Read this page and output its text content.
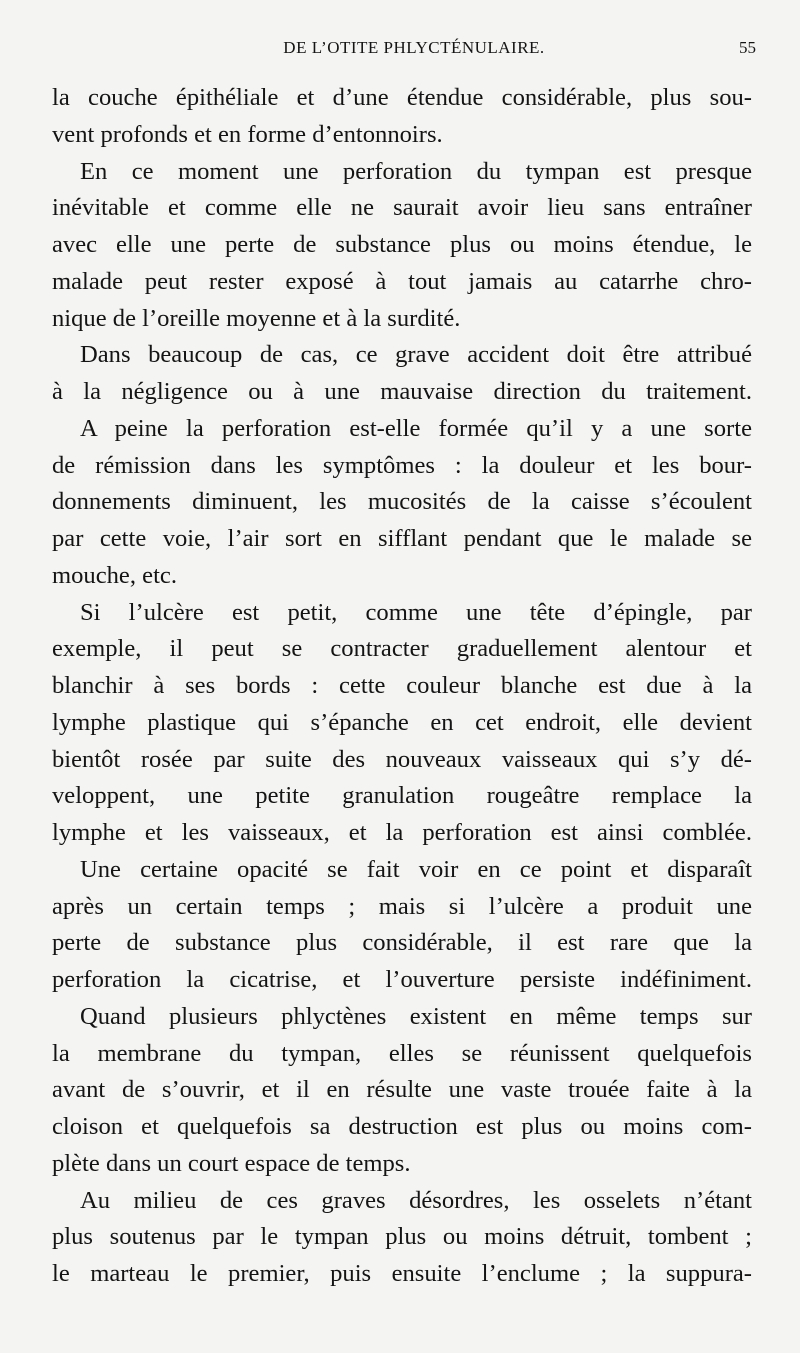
DE L’OTITE PHLYCTÉNULAIRE.	55
la couche épithéliale et d’une étendue considérable, plus sou-
vent profonds et en forme d’entonnoirs.
En ce moment une perforation du tympan est presque
inévitable et comme elle ne saurait avoir lieu sans entraîner
avec elle une perte de substance plus ou moins étendue, le
malade peut rester exposé à tout jamais au catarrhe chro-
nique de l’oreille moyenne et à la surdité.
Dans beaucoup de cas, ce grave accident doit être attribué
à la négligence ou à une mauvaise direction du traitement.
A peine la perforation est-elle formée qu’il y a une sorte
de rémission dans les symptômes : la douleur et les bour-
donnements diminuent, les mucosités de la caisse s’écoulent
par cette voie, l’air sort en sifflant pendant que le malade se
mouche, etc.
Si l’ulcère est petit, comme une tête d’épingle, par
exemple, il peut se contracter graduellement alentour et
blanchir à ses bords : cette couleur blanche est due à la
lymphe plastique qui s’épanche en cet endroit, elle devient
bientôt rosée par suite des nouveaux vaisseaux qui s’y dé-
veloppent, une petite granulation rougeâtre remplace la
lymphe et les vaisseaux, et la perforation est ainsi comblée.
Une certaine opacité se fait voir en ce point et disparaît
après un certain temps ; mais si l’ulcère a produit une
perte de substance plus considérable, il est rare que la
perforation la cicatrise, et l’ouverture persiste indéfiniment.
Quand plusieurs phlyctènes existent en même temps sur
la membrane du tympan, elles se réunissent quelquefois
avant de s’ouvrir, et il en résulte une vaste trouée faite à la
cloison et quelquefois sa destruction est plus ou moins com-
plète dans un court espace de temps.
Au milieu de ces graves désordres, les osselets n’étant
plus soutenus par le tympan plus ou moins détruit, tombent ;
le marteau le premier, puis ensuite l’enclume ; la suppura-
